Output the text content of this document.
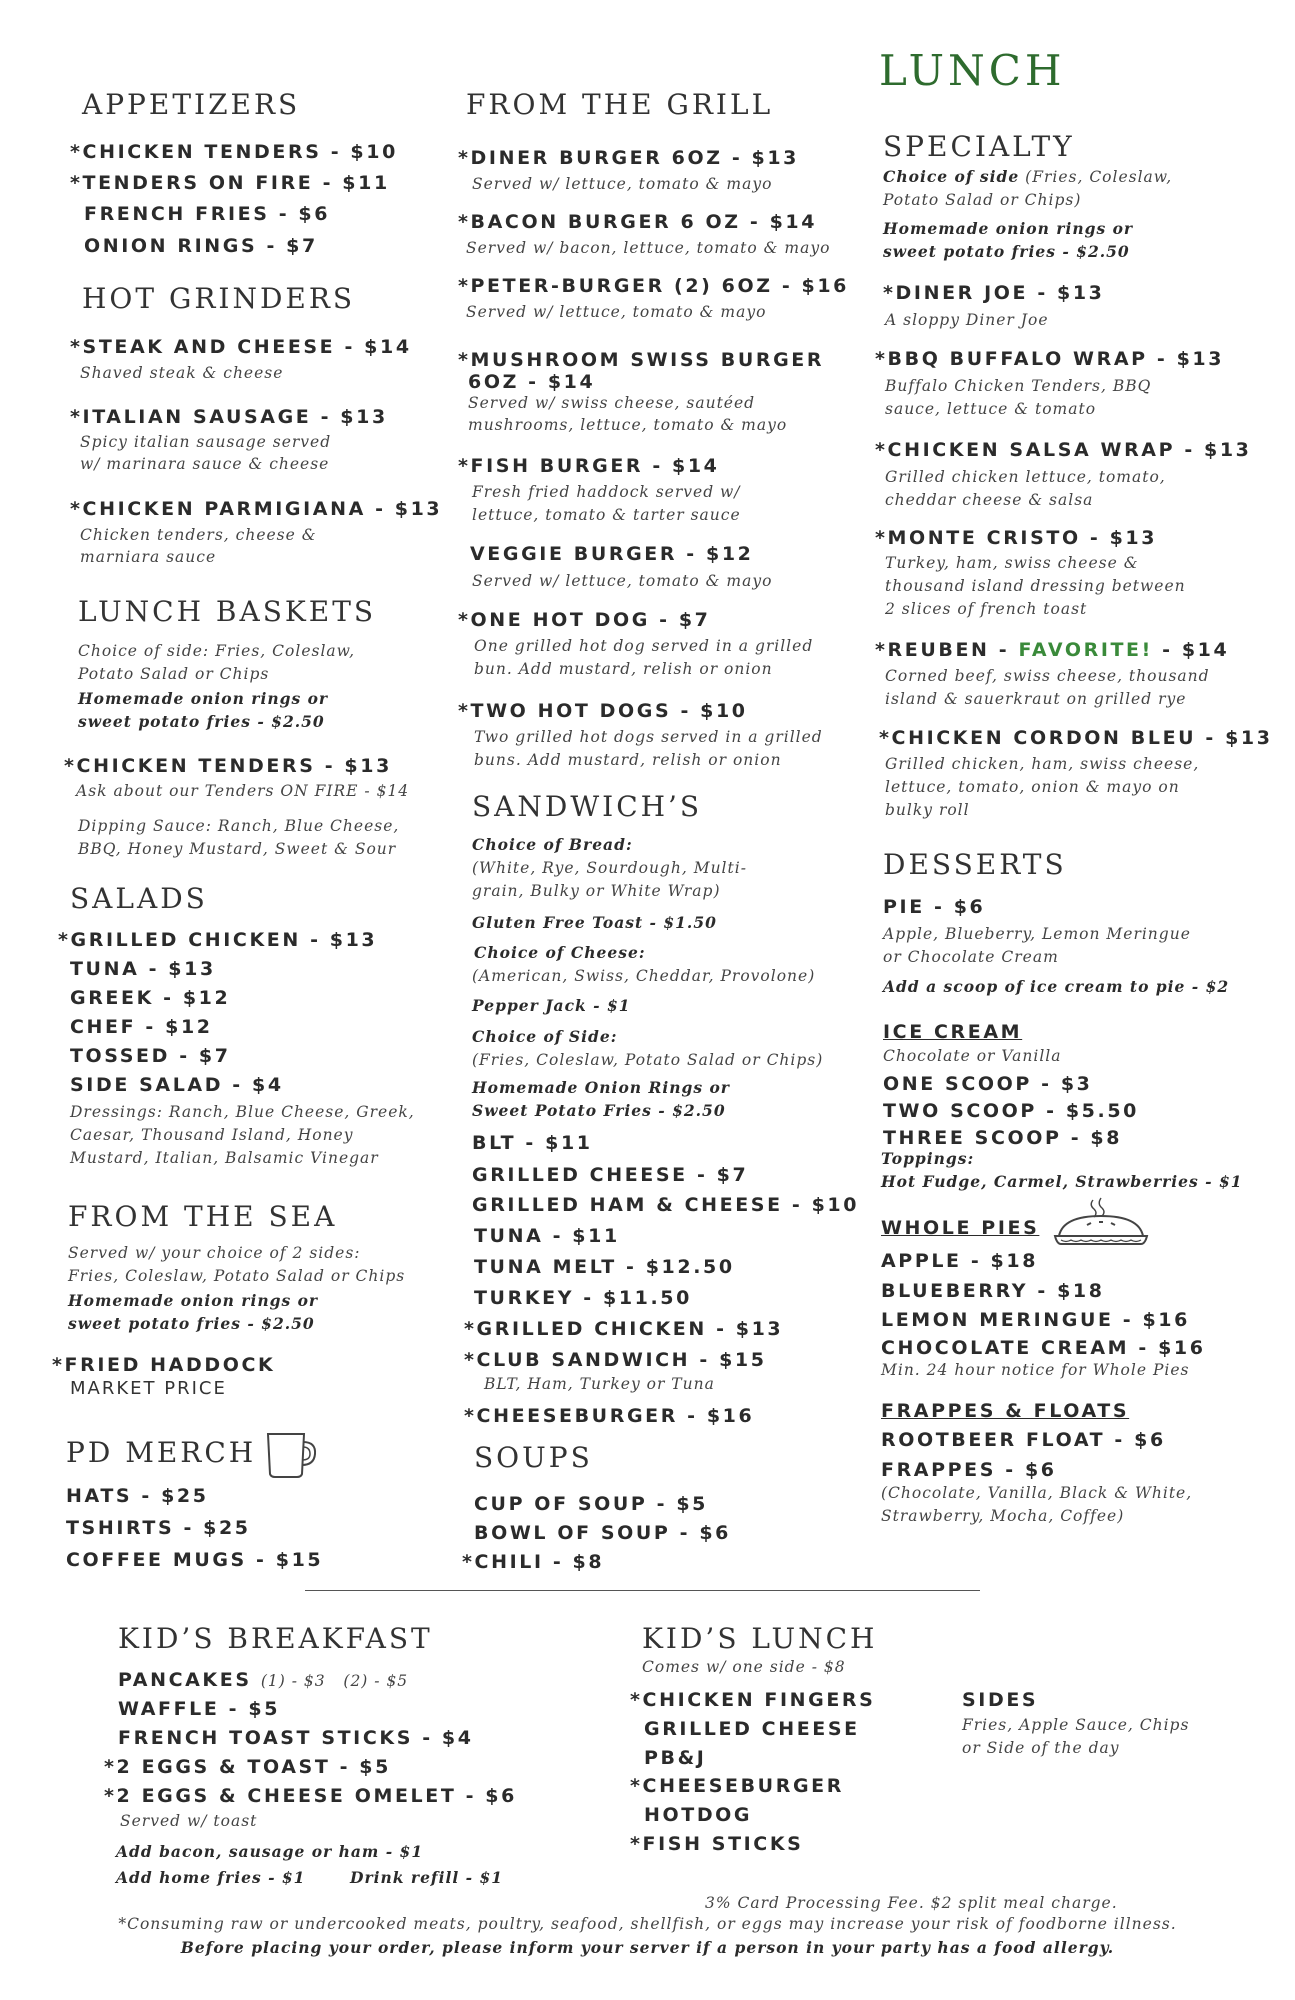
APPETIZERS
*CHICKEN TENDERS - $10
*TENDERS ON FIRE - $11
FRENCH FRIES - $6
ONION RINGS - $7
HOT GRINDERS
*STEAK AND CHEESE - $14
Shaved steak & cheese
*ITALIAN SAUSAGE - $13
Spicy italian sausage served
w/ marinara sauce & cheese
*CHICKEN PARMIGIANA - $13
Chicken tenders, cheese &
marniara sauce
LUNCH BASKETS
Choice of side: Fries, Coleslaw,
Potato Salad or Chips
Homemade onion rings or
sweet potato fries - $2.50
*CHICKEN TENDERS - $13
Ask about our Tenders ON FIRE - $14
Dipping Sauce: Ranch, Blue Cheese,
BBQ, Honey Mustard, Sweet & Sour
SALADS
*GRILLED CHICKEN - $13
TUNA - $13
GREEK - $12
CHEF - $12
TOSSED - $7
SIDE SALAD - $4
Dressings: Ranch, Blue Cheese, Greek,
Caesar, Thousand Island, Honey
Mustard, Italian, Balsamic Vinegar
FROM THE SEA
Served w/ your choice of 2 sides:
Fries, Coleslaw, Potato Salad or Chips
Homemade onion rings or
sweet potato fries - $2.50
*FRIED HADDOCK
MARKET PRICE
PD MERCH
HATS - $25
TSHIRTS - $25
COFFEE MUGS - $15
FROM THE GRILL
*DINER BURGER 6OZ - $13
Served w/ lettuce, tomato & mayo
*BACON BURGER 6 OZ - $14
Served w/ bacon, lettuce, tomato & mayo
*PETER-BURGER (2) 6OZ - $16
Served w/ lettuce, tomato & mayo
*MUSHROOM SWISS BURGER
6OZ - $14
Served w/ swiss cheese, sautéed
mushrooms, lettuce, tomato & mayo
*FISH BURGER - $14
Fresh fried haddock served w/
lettuce, tomato & tarter sauce
VEGGIE BURGER - $12
Served w/ lettuce, tomato & mayo
*ONE HOT DOG - $7
One grilled hot dog served in a grilled
bun. Add mustard, relish or onion
*TWO HOT DOGS - $10
Two grilled hot dogs served in a grilled
buns. Add mustard, relish or onion
SANDWICH’S
Choice of Bread:
(White, Rye, Sourdough, Multi-
grain, Bulky or White Wrap)
Gluten Free Toast - $1.50
Choice of Cheese:
(American, Swiss, Cheddar, Provolone)
Pepper Jack - $1
Choice of Side:
(Fries, Coleslaw, Potato Salad or Chips)
Homemade Onion Rings or
Sweet Potato Fries - $2.50
BLT - $11
GRILLED CHEESE - $7
GRILLED HAM & CHEESE - $10
TUNA - $11
TUNA MELT - $12.50
TURKEY - $11.50
*GRILLED CHICKEN - $13
*CLUB SANDWICH - $15
BLT, Ham, Turkey or Tuna
*CHEESEBURGER - $16
SOUPS
CUP OF SOUP - $5
BOWL OF SOUP - $6
*CHILI - $8
LUNCH
SPECIALTY
Choice of side (Fries, Coleslaw,
Potato Salad or Chips)
Homemade onion rings or
sweet potato fries - $2.50
*DINER JOE - $13
A sloppy Diner Joe
*BBQ BUFFALO WRAP - $13
Buffalo Chicken Tenders, BBQ
sauce, lettuce & tomato
*CHICKEN SALSA WRAP - $13
Grilled chicken lettuce, tomato,
cheddar cheese & salsa
*MONTE CRISTO - $13
Turkey, ham, swiss cheese &
thousand island dressing between
2 slices of french toast
*REUBEN - FAVORITE! - $14
Corned beef, swiss cheese, thousand
island & sauerkraut on grilled rye
*CHICKEN CORDON BLEU - $13
Grilled chicken, ham, swiss cheese,
lettuce, tomato, onion & mayo on
bulky roll
DESSERTS
PIE - $6
Apple, Blueberry, Lemon Meringue
or Chocolate Cream
Add a scoop of ice cream to pie - $2
ICE CREAM
Chocolate or Vanilla
ONE SCOOP - $3
TWO SCOOP - $5.50
THREE SCOOP - $8
Toppings:
Hot Fudge, Carmel, Strawberries - $1
WHOLE PIES
APPLE - $18
BLUEBERRY - $18
LEMON MERINGUE - $16
CHOCOLATE CREAM - $16
Min. 24 hour notice for Whole Pies
FRAPPES & FLOATS
ROOTBEER FLOAT - $6
FRAPPES - $6
(Chocolate, Vanilla, Black & White,
Strawberry, Mocha, Coffee)
KID’S BREAKFAST
PANCAKES (1) - $3   (2) - $5
WAFFLE - $5
FRENCH TOAST STICKS - $4
*2 EGGS & TOAST - $5
*2 EGGS & CHEESE OMELET - $6
Served w/ toast
Add bacon, sausage or ham - $1
Add home fries - $1	Drink refill - $1
KID’S LUNCH
Comes w/ one side - $8
*CHICKEN FINGERS
GRILLED CHEESE
PB&J
*CHEESEBURGER
HOTDOG
*FISH STICKS
SIDES
Fries, Apple Sauce, Chips
or Side of the day
3% Card Processing Fee. $2 split meal charge.
*Consuming raw or undercooked meats, poultry, seafood, shellfish, or eggs may increase your risk of foodborne illness.
Before placing your order, please inform your server if a person in your party has a food allergy.
